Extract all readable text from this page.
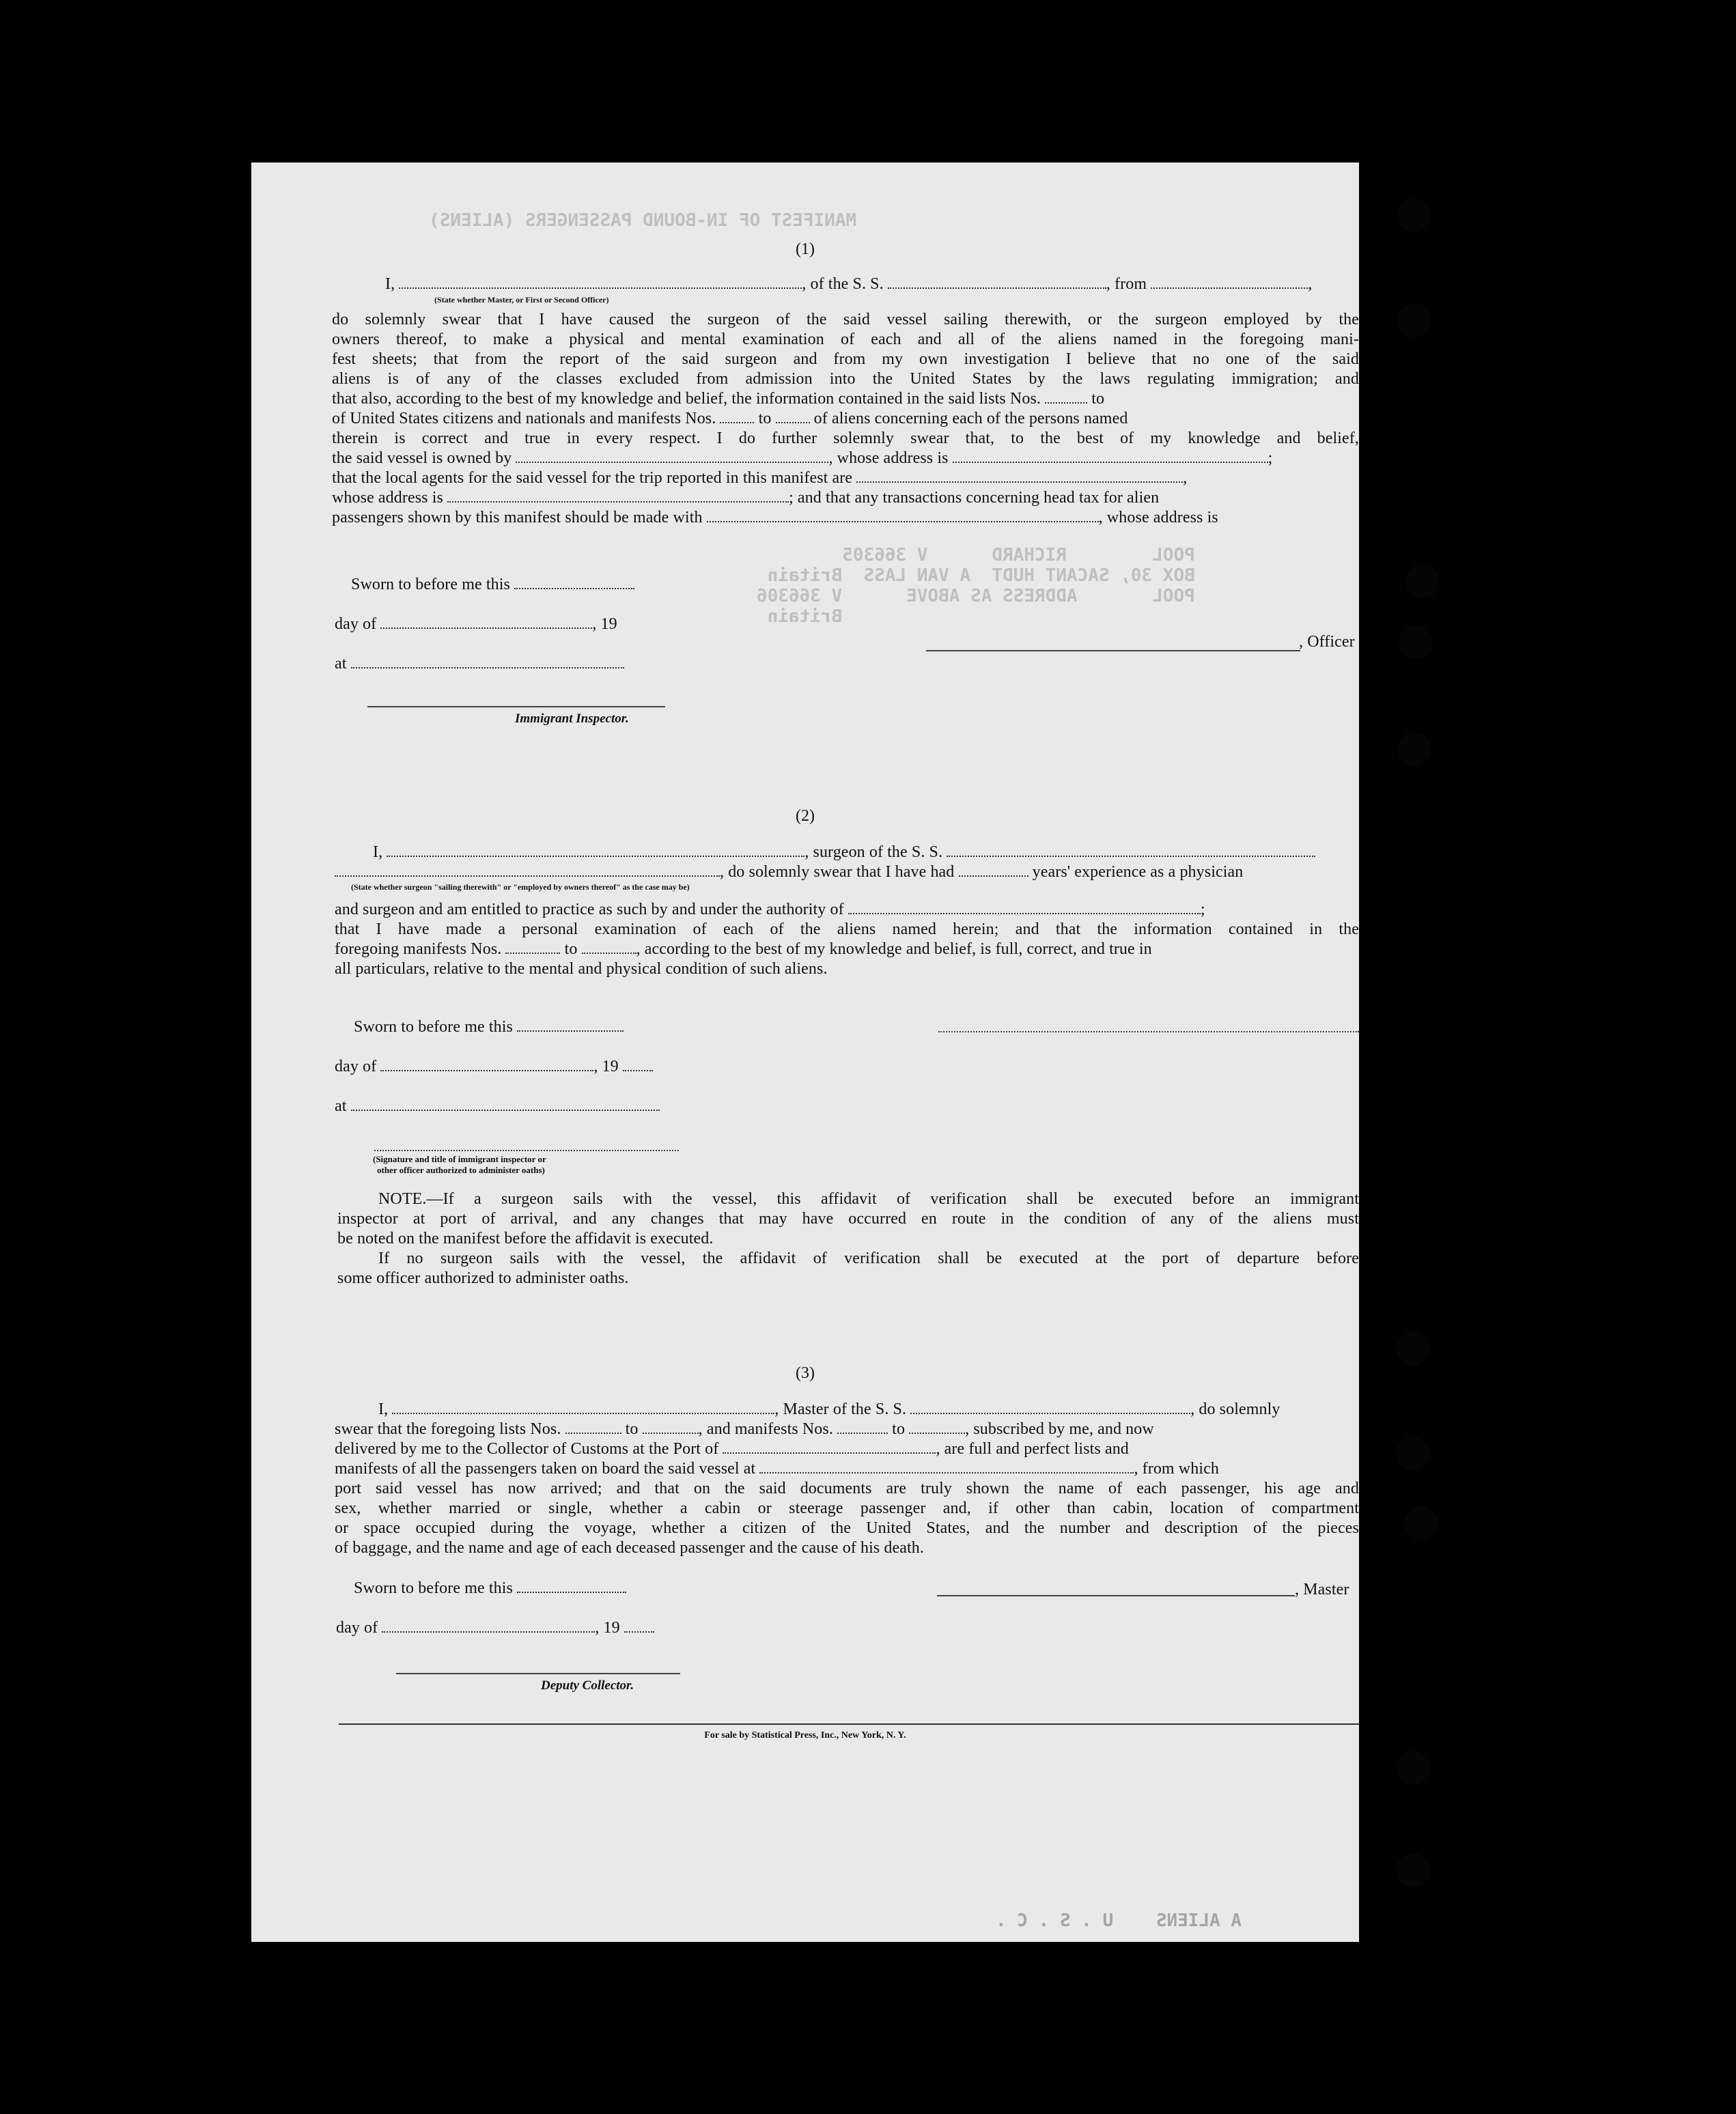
MANIFEST OF IN-BOUND PASSENGERS (ALIENS)
POOL        RICHARD      V 366305
BOX 30, SACANT HUDT  A VAN LASS  Britain
POOL       ADDRESS AS ABOVE      V 366306
Britain
(1)
I,	, of the S. S.	, from	,
(State whether Master, or First or Second Officer)
do solemnly swear that I have caused the surgeon of the said vessel sailing therewith, or the surgeon employed by the
owners thereof, to make a physical and mental examination of each and all of the aliens named in the foregoing mani-
fest sheets; that from the report of the said surgeon and from my own investigation I believe that no one of the said
aliens is of any of the classes excluded from admission into the United States by the laws regulating immigration; and
that also, according to the best of my knowledge and belief, the information contained in the said lists Nos.	to
of United States citizens and nationals and manifests Nos.	to	of aliens concerning each of the persons named
therein is correct and true in every respect. I do further solemnly swear that, to the best of my knowledge and belief,
the said vessel is owned by	, whose address is	;
that the local agents for the said vessel for the trip reported in this manifest are	,
whose address is	; and that any transactions concerning head tax for alien
passengers shown by this manifest should be made with	, whose address is
Sworn to before me this
day of	, 19
at
Immigrant Inspector.
, Officer
(2)
I,	, surgeon of the S. S.
, do solemnly swear that I have had	years' experience as a physician
(State whether surgeon "sailing therewith" or "employed by owners thereof" as the case may be)
and surgeon and am entitled to practice as such by and under the authority of	;
that I have made a personal examination of each of the aliens named herein; and that the information contained in the
foregoing manifests Nos.	to	, according to the best of my knowledge and belief, is full, correct, and true in
all particulars, relative to the mental and physical condition of such aliens.
Sworn to before me this
day of	, 19
at
(Signature and title of immigrant inspector or
other officer authorized to administer oaths)
NOTE.—If a surgeon sails with the vessel, this affidavit of verification shall be executed before an immigrant
inspector at port of arrival, and any changes that may have occurred en route in the condition of any of the aliens must
be noted on the manifest before the affidavit is executed.
If no surgeon sails with the vessel, the affidavit of verification shall be executed at the port of departure before
some officer authorized to administer oaths.
(3)
I,	, Master of the S. S.	, do solemnly
swear that the foregoing lists Nos.	to	, and manifests Nos.	to	, subscribed by me, and now
delivered by me to the Collector of Customs at the Port of	, are full and perfect lists and
manifests of all the passengers taken on board the said vessel at	, from which
port said vessel has now arrived; and that on the said documents are truly shown the name of each passenger, his age and
sex, whether married or single, whether a cabin or steerage passenger and, if other than cabin, location of compartment
or space occupied during the voyage, whether a citizen of the United States, and the number and description of the pieces
of baggage, and the name and age of each deceased passenger and the cause of his death.
Sworn to before me this	, Master
day of	, 19
Deputy Collector.
For sale by Statistical Press, Inc., New York, N. Y.
A ALIENS    U . S . C .
